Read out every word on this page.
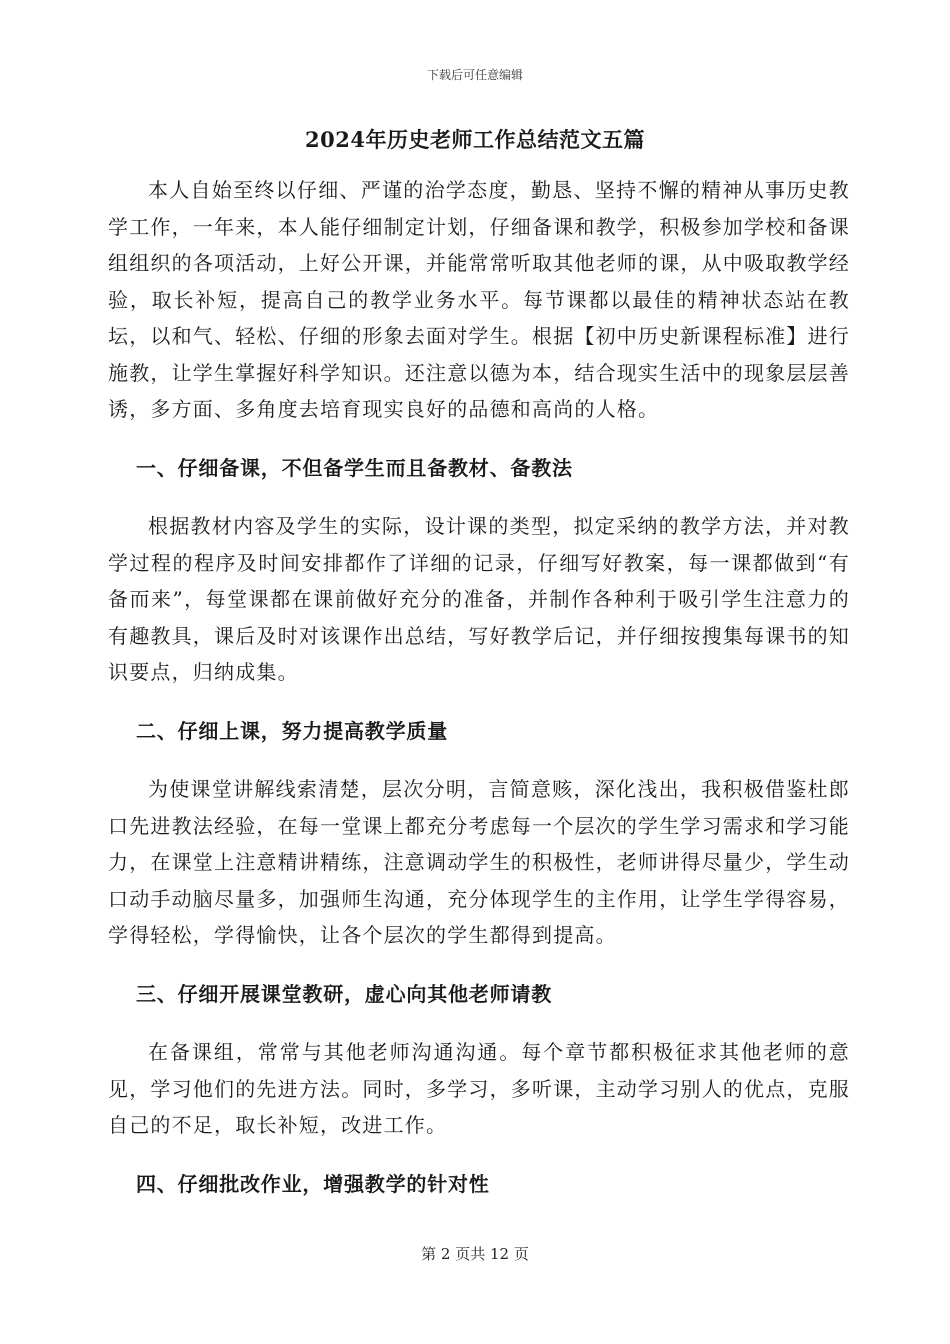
下载后可任意编辑
2024年历史老师工作总结范文五篇

本人自始至终以仔细、严谨的治学态度，勤恳、坚持不懈的精神从事历史教学工作，一年来，本人能仔细制定计划，仔细备课和教学，积极参加学校和备课组组织的各项活动，上好公开课，并能常常听取其他老师的课，从中吸取教学经验，取长补短，提高自己的教学业务水平。每节课都以最佳的精神状态站在教坛，以和气、轻松、仔细的形象去面对学生。根据【初中历史新课程标准】进行施教，让学生掌握好科学知识。还注意以德为本，结合现实生活中的现象层层善诱，多方面、多角度去培育现实良好的品德和高尚的人格。

一、仔细备课，不但备学生而且备教材、备教法

根据教材内容及学生的实际，设计课的类型，拟定采纳的教学方法，并对教学过程的程序及时间安排都作了详细的记录，仔细写好教案，每一课都做到“有备而来”，每堂课都在课前做好充分的准备，并制作各种利于吸引学生注意力的有趣教具，课后及时对该课作出总结，写好教学后记，并仔细按搜集每课书的知识要点，归纳成集。

二、仔细上课，努力提高教学质量

为使课堂讲解线索清楚，层次分明，言简意赅，深化浅出，我积极借鉴杜郎口先进教法经验，在每一堂课上都充分考虑每一个层次的学生学习需求和学习能力，在课堂上注意精讲精练，注意调动学生的积极性，老师讲得尽量少，学生动口动手动脑尽量多，加强师生沟通，充分体现学生的主作用，让学生学得容易，学得轻松，学得愉快，让各个层次的学生都得到提高。

三、仔细开展课堂教研，虚心向其他老师请教

在备课组，常常与其他老师沟通沟通。每个章节都积极征求其他老师的意见，学习他们的先进方法。同时，多学习，多听课，主动学习别人的优点，克服自己的不足，取长补短，改进工作。

四、仔细批改作业，增强教学的针对性

第 2 页共 12 页
